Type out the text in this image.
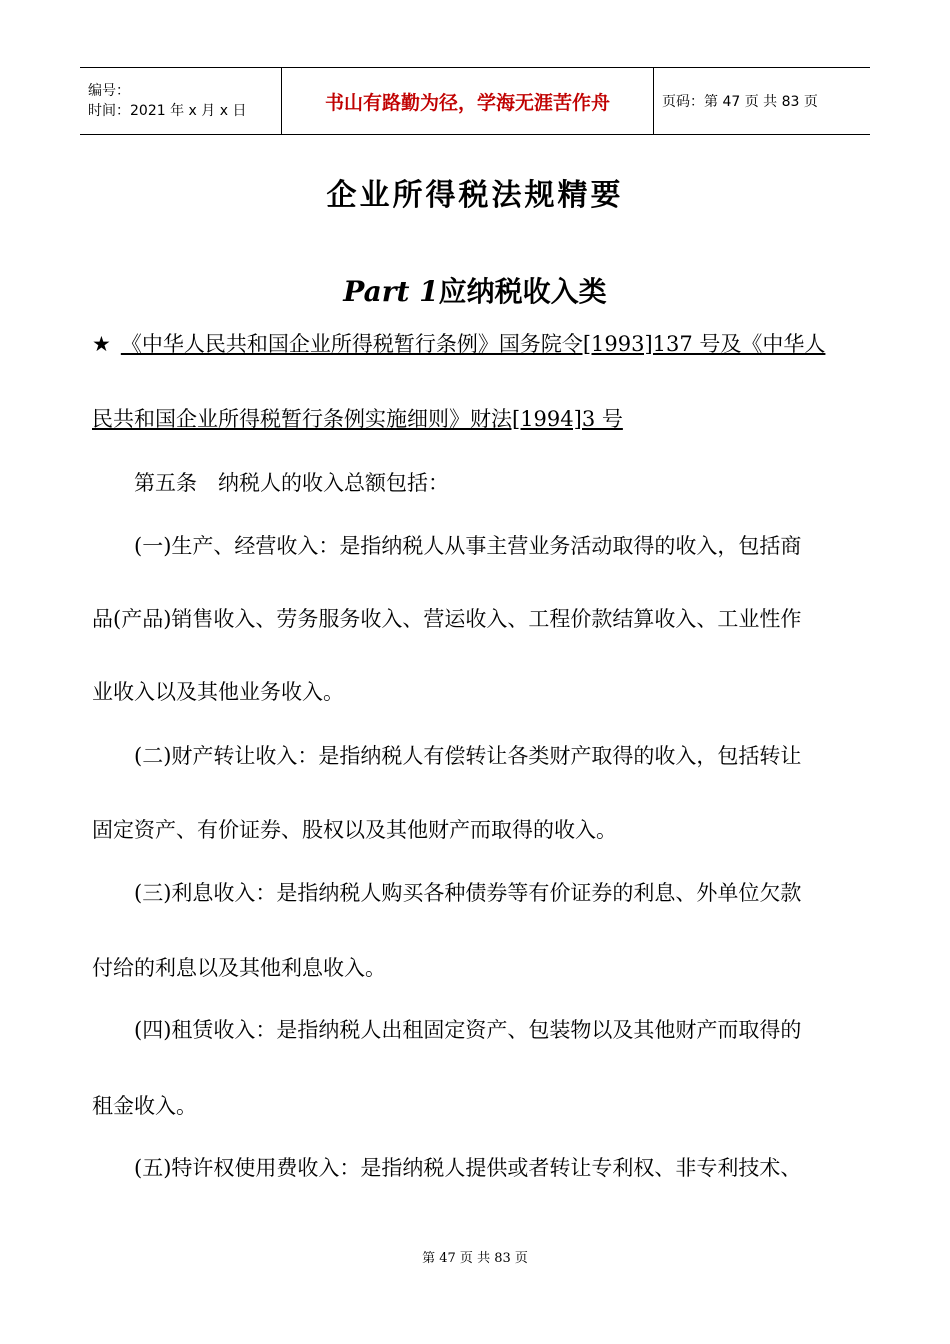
编号：
时间：2021 年 x 月 x 日	书山有路勤为径，学海无涯苦作舟	页码：第 47 页 共 83 页
企业所得税法规精要
Part 1应纳税收入类

★ 《中华人民共和国企业所得税暂行条例》国务院令[1993]137 号及《中华人

民共和国企业所得税暂行条例实施细则》财法[1994]3 号

　　第五条　纳税人的收入总额包括：

　　(一)生产、经营收入：是指纳税人从事主营业务活动取得的收入，包括商

品(产品)销售收入、劳务服务收入、营运收入、工程价款结算收入、工业性作

业收入以及其他业务收入。

　　(二)财产转让收入：是指纳税人有偿转让各类财产取得的收入，包括转让

固定资产、有价证券、股权以及其他财产而取得的收入。

　　(三)利息收入：是指纳税人购买各种债券等有价证券的利息、外单位欠款

付给的利息以及其他利息收入。

　　(四)租赁收入：是指纳税人出租固定资产、包装物以及其他财产而取得的

租金收入。

　　(五)特许权使用费收入：是指纳税人提供或者转让专利权、非专利技术、

第 47 页 共 83 页
